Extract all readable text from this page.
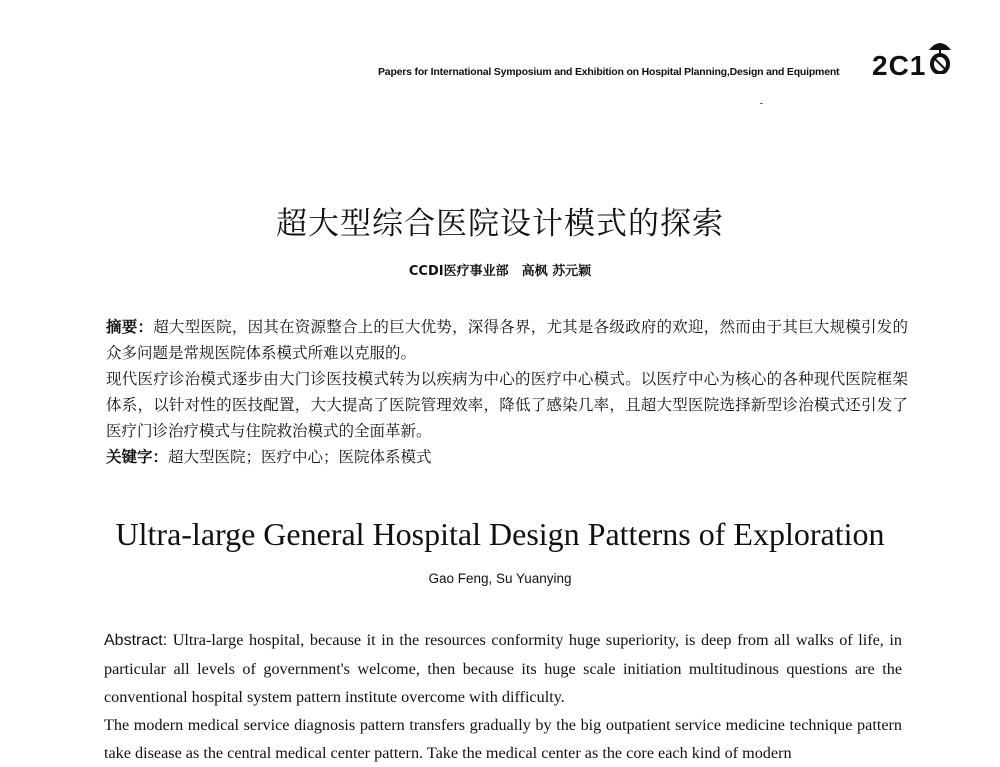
Papers for International Symposium and Exhibition on Hospital Planning,Design and Equipment 2C1
超大型综合医院设计模式的探索
CCDI医疗事业部　高枫 苏元颖

摘要：超大型医院，因其在资源整合上的巨大优势，深得各界，尤其是各级政府的欢迎，然而由于其巨大规模引发的众多问题是常规医院体系模式所难以克服的。

现代医疗诊治模式逐步由大门诊医技模式转为以疾病为中心的医疗中心模式。以医疗中心为核心的各种现代医院框架体系，以针对性的医技配置，大大提高了医院管理效率，降低了感染几率，且超大型医院选择新型诊治模式还引发了医疗门诊治疗模式与住院救治模式的全面革新。

关键字：超大型医院；医疗中心；医院体系模式

Ultra-large General Hospital Design Patterns of Exploration
Gao Feng, Su Yuanying

Abstract: Ultra-large hospital, because it in the resources conformity huge superiority, is deep from all walks of life, in particular all levels of government's welcome, then because its huge scale initiation multitudinous questions are the conventional hospital system pattern institute overcome with difficulty.

The modern medical service diagnosis pattern transfers gradually by the big outpatient service medicine technique pattern take disease as the central medical center pattern. Take the medical center as the core each kind of modern
